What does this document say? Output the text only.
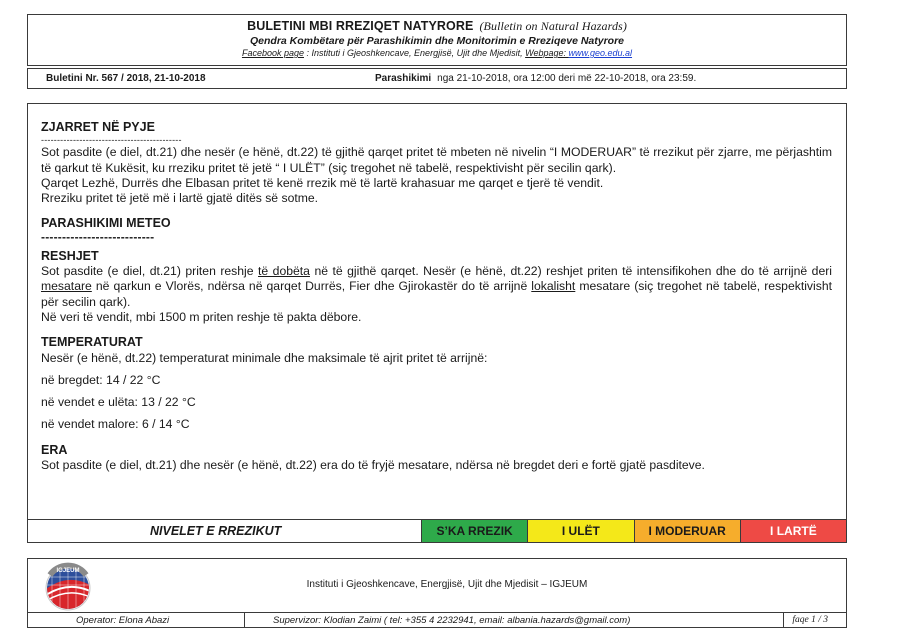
BULETINI MBI RREZIQET NATYRORE (Bulletin on Natural Hazards)
Qendra Kombëtare për Parashikimin dhe Monitorimin e Rreziqeve Natyrore
Facebook page : Instituti i Gjeoshkencave, Energjisë, Ujit dhe Mjedisit, Webpage: www.geo.edu.al
Buletini Nr. 567 / 2018, 21-10-2018	Parashikimi nga 21-10-2018, ora 12:00 deri më 22-10-2018, ora 23:59.
ZJARRET NË PYJE
--------------------------------------------
Sot pasdite (e diel, dt.21) dhe nesër (e hënë, dt.22) të gjithë qarqet pritet të mbeten në nivelin “I MODERUAR” të rrezikut për zjarre, me përjashtim të qarkut të Kukësit, ku rreziku pritet të jetë “ I ULËT” (siç tregohet në tabelë, respektivisht për secilin qark).
Qarqet Lezhë, Durrës dhe Elbasan pritet të kenë rrezik më të lartë krahasuar me qarqet e tjerë të vendit.
Rreziku pritet të jetë më i lartë gjatë ditës së sotme.
PARASHIKIMI METEO
---------------------------
RESHJET
Sot pasdite (e diel, dt.21) priten reshje të dobëta në të gjithë qarqet. Nesër (e hënë, dt.22) reshjet priten të intensifikohen dhe do të arrijnë deri mesatare në qarkun e Vlorës, ndërsa në qarqet Durrës, Fier dhe Gjirokastër do të arrijnë lokalisht mesatare (siç tregohet në tabelë, respektivisht për secilin qark).
Në veri të vendit, mbi 1500 m priten reshje të pakta dëbore.
TEMPERATURAT
Nesër (e hënë, dt.22) temperaturat minimale dhe maksimale të ajrit pritet të arrijnë:
në bregdet: 14 / 22 °C
në vendet e ulëta: 13 / 22 °C
në vendet malore: 6 / 14 °C
ERA
Sot pasdite (e diel, dt.21) dhe nesër (e hënë, dt.22) era do të fryjë mesatare, ndërsa në bregdet deri e fortë gjatë pasditeve.
NIVELET E RREZIKUT	S’KA RREZIK	I ULËT	I MODERUAR	I LARTË
IGJEUM
Instituti i Gjeoshkencave, Energjisë, Ujit dhe Mjedisit – IGJEUM
Operator: Elona Abazi	Supervizor: Klodian Zaimi ( tel: +355 4 2232941, email: albania.hazards@gmail.com)	faqe 1 / 3
